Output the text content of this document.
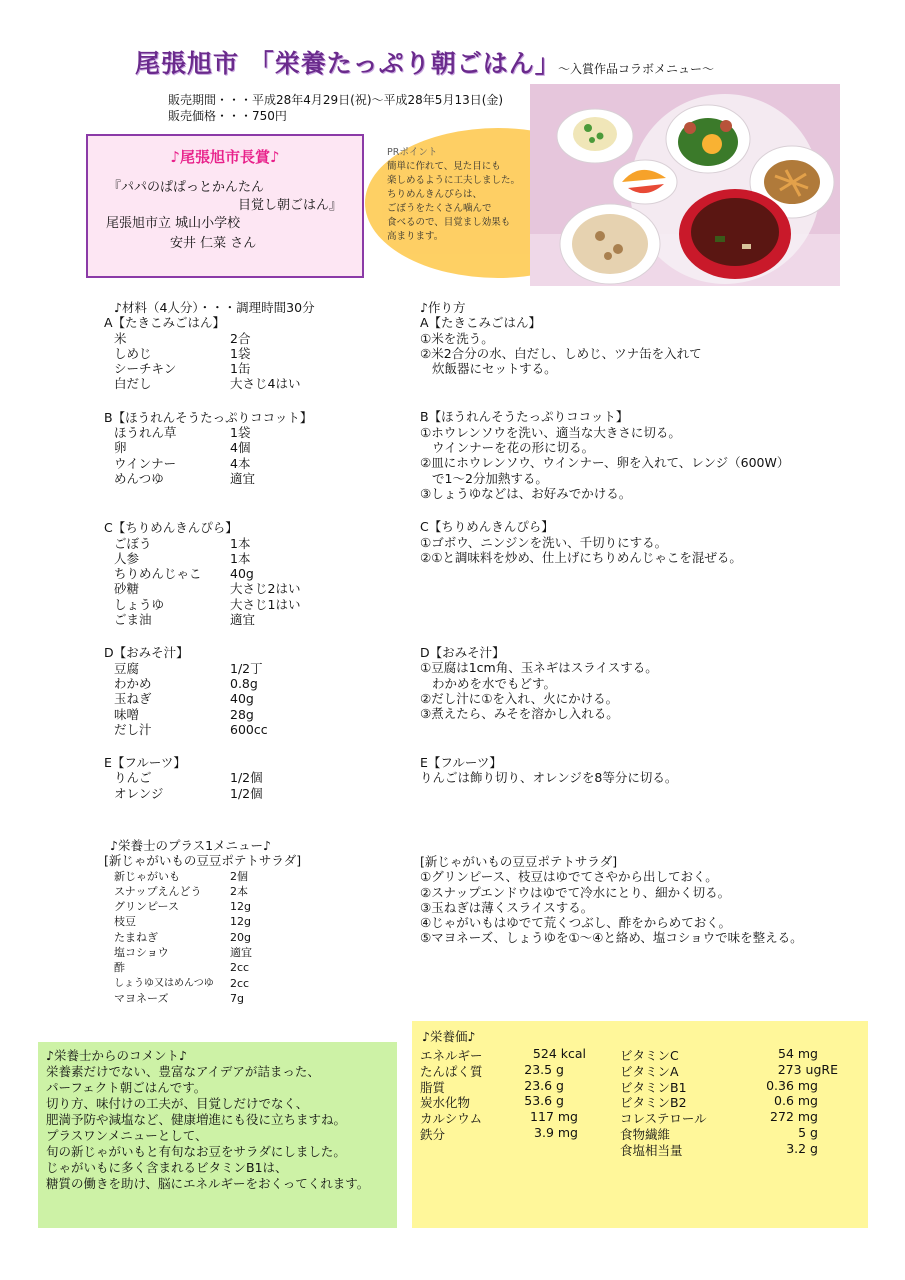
尾張旭市 「栄養たっぷり朝ごはん」
～入賞作品コラボメニュー～
販売期間・・・平成28年4月29日(祝)～平成28年5月13日(金)
販売価格・・・750円
♪尾張旭市長賞♪
『パパのぱぱっとかんたん
目覚し朝ごはん』
尾張旭市立 城山小学校
安井 仁菜 さん
PRポイント
簡単に作れて、見た目にも
楽しめるように工夫しました。
ちりめんきんぴらは、
ごぼうをたくさん噛んで
食べるので、目覚まし効果も
高まります。
♪材料（4人分）・・・調理時間30分
A【たきこみごはん】
米	2合
しめじ	1袋
シーチキン	1缶
白だし	大さじ4はい
B【ほうれんそうたっぷりココット】
ほうれん草	1袋
卵	4個
ウインナー	4本
めんつゆ	適宜
C【ちりめんきんぴら】
ごぼう	1本
人参	1本
ちりめんじゃこ 40g
砂糖	大さじ2はい
しょうゆ	大さじ1はい
ごま油	適宜
D【おみそ汁】
豆腐	1/2丁
わかめ	0.8g
玉ねぎ	40g
味噌	28g
だし汁	600cc
E【フルーツ】
りんご	1/2個
オレンジ	1/2個
♪作り方
A【たきこみごはん】
①米を洗う。
②米2合分の水、白だし、しめじ、ツナ缶を入れて
炊飯器にセットする。
B【ほうれんそうたっぷりココット】
①ホウレンソウを洗い、適当な大きさに切る。
ウインナーを花の形に切る。
②皿にホウレンソウ、ウインナー、卵を入れて、レンジ（600W）
で1～2分加熱する。
③しょうゆなどは、お好みでかける。
C【ちりめんきんぴら】
①ゴボウ、ニンジンを洗い、千切りにする。
②①と調味料を炒め、仕上げにちりめんじゃこを混ぜる。
D【おみそ汁】
①豆腐は1cm角、玉ネギはスライスする。
わかめを水でもどす。
②だし汁に①を入れ、火にかける。
③煮えたら、みそを溶かし入れる。
E【フルーツ】
りんごは飾り切り、オレンジを8等分に切る。
♪栄養士のプラス1メニュー♪
[新じゃがいもの豆豆ポテトサラダ]
新じゃがいも	2個
スナップえんどう	2本
グリンピース	12g
枝豆	12g
たまねぎ	20g
塩コショウ	適宜
酢	2cc
しょうゆ又はめんつゆ 2cc
マヨネーズ	7g
[新じゃがいもの豆豆ポテトサラダ]
①グリンピース、枝豆はゆでてさやから出しておく。
②スナップエンドウはゆでて冷水にとり、細かく切る。
③玉ねぎは薄くスライスする。
④じゃがいもはゆでて荒くつぶし、酢をからめておく。
⑤マヨネーズ、しょうゆを①～④と絡め、塩コショウで味を整える。
♪栄養士からのコメント♪
栄養素だけでない、豊富なアイデアが詰まった、
パーフェクト朝ごはんです。
切り方、味付けの工夫が、目覚しだけでなく、
肥満予防や減塩など、健康増進にも役に立ちますね。
プラスワンメニューとして、
旬の新じゃがいもと有旬なお豆をサラダにしました。
じゃがいもに多く含まれるビタミンB1は、
糖質の働きを助け、脳にエネルギーをおくってくれます。
♪栄養価♪
エネルギー	524 kcal
たんぱく質	23.5 g
脂質	23.6 g
炭水化物	53.6 g
カルシウム	117 mg
鉄分	3.9 mg
ビタミンC	54 mg
ビタミンA	273 ugRE
ビタミンB1	0.36 mg
ビタミンB2	0.6 mg
コレステロール	272 mg
食物繊維	5 g
食塩相当量	3.2 g
